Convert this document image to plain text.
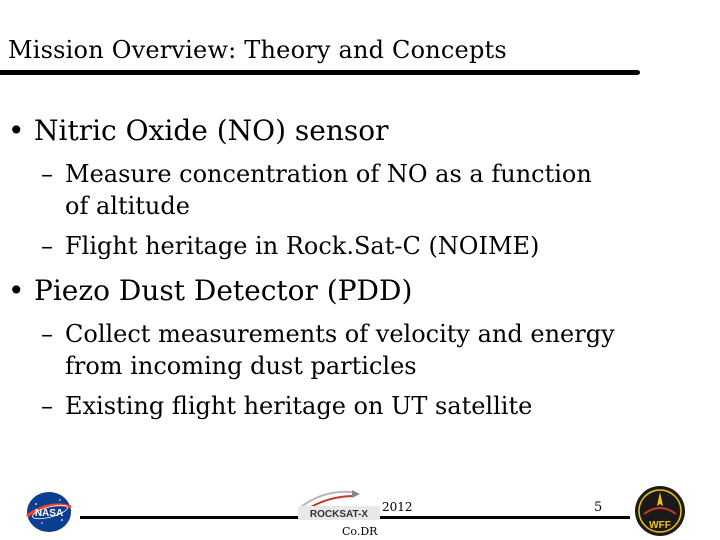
Mission Overview: Theory and Concepts
• Nitric Oxide (NO) sensor
– Measure concentration of NO as a function
of altitude
– Flight heritage in Rock.Sat-C (NOIME)
• Piezo Dust Detector (PDD)
– Collect measurements of velocity and energy
from incoming dust particles
– Existing flight heritage on UT satellite
NASA	ROCKSAT-X
2012	5
Co.DR	WFF
